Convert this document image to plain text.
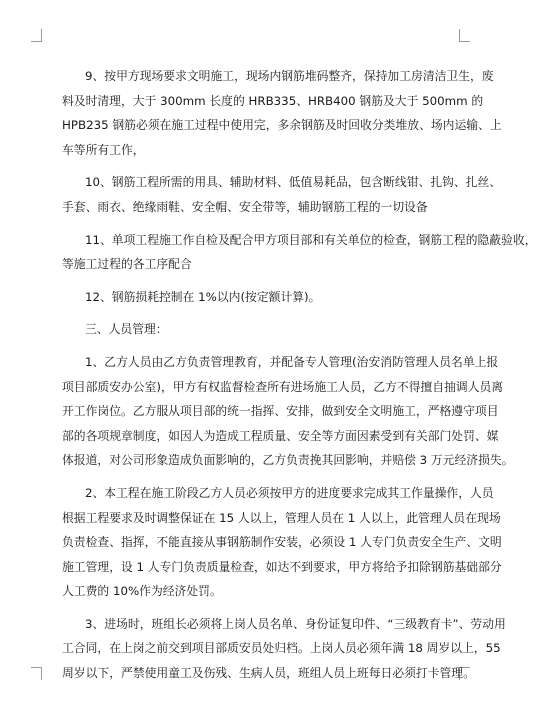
9、按甲方现场要求文明施工，现场内钢筋堆码整齐，保持加工房清洁卫生，废
料及时清理，大于 300mm 长度的 HRB335、HRB400 钢筋及大于 500mm 的
HPB235 钢筋必须在施工过程中使用完，多余钢筋及时回收分类堆放、场内运输、上
车等所有工作，
10、钢筋工程所需的用具、辅助材料、低值易耗品，包含断线钳、扎钩、扎丝、
手套、雨衣、绝缘雨鞋、安全帽、安全带等，辅助钢筋工程的一切设备
11、单项工程施工作自检及配合甲方项目部和有关单位的检查，钢筋工程的隐蔽验收，
等施工过程的各工序配合
12、钢筋损耗控制在 1%以内(按定额计算)。
三、人员管理：
1、乙方人员由乙方负责管理教育，并配备专人管理(治安消防管理人员名单上报
项目部质安办公室)，甲方有权监督检查所有进场施工人员，乙方不得擅自抽调人员离
开工作岗位。乙方服从项目部的统一指挥、安排，做到安全文明施工，严格遵守项目
部的各项规章制度，如因人为造成工程质量、安全等方面因素受到有关部门处罚、媒
体报道，对公司形象造成负面影响的，乙方负责挽其回影响，并赔偿 3 万元经济损失。
2、本工程在施工阶段乙方人员必须按甲方的进度要求完成其工作量操作，人员
根据工程要求及时调整保证在 15 人以上，管理人员在 1 人以上，此管理人员在现场
负责检查、指挥，不能直接从事钢筋制作安装，必须设 1 人专门负责安全生产、文明
施工管理，设 1 人专门负责质量检查，如达不到要求，甲方将给予扣除钢筋基础部分
人工费的 10%作为经济处罚。
3、进场时，班组长必须将上岗人员名单、身份证复印件、“三级教育卡”、劳动用
工合同，在上岗之前交到项目部质安员处归档。上岗人员必须年满 18 周岁以上，55
周岁以下，严禁使用童工及伤残、生病人员，班组人员上班每日必须打卡管理。
